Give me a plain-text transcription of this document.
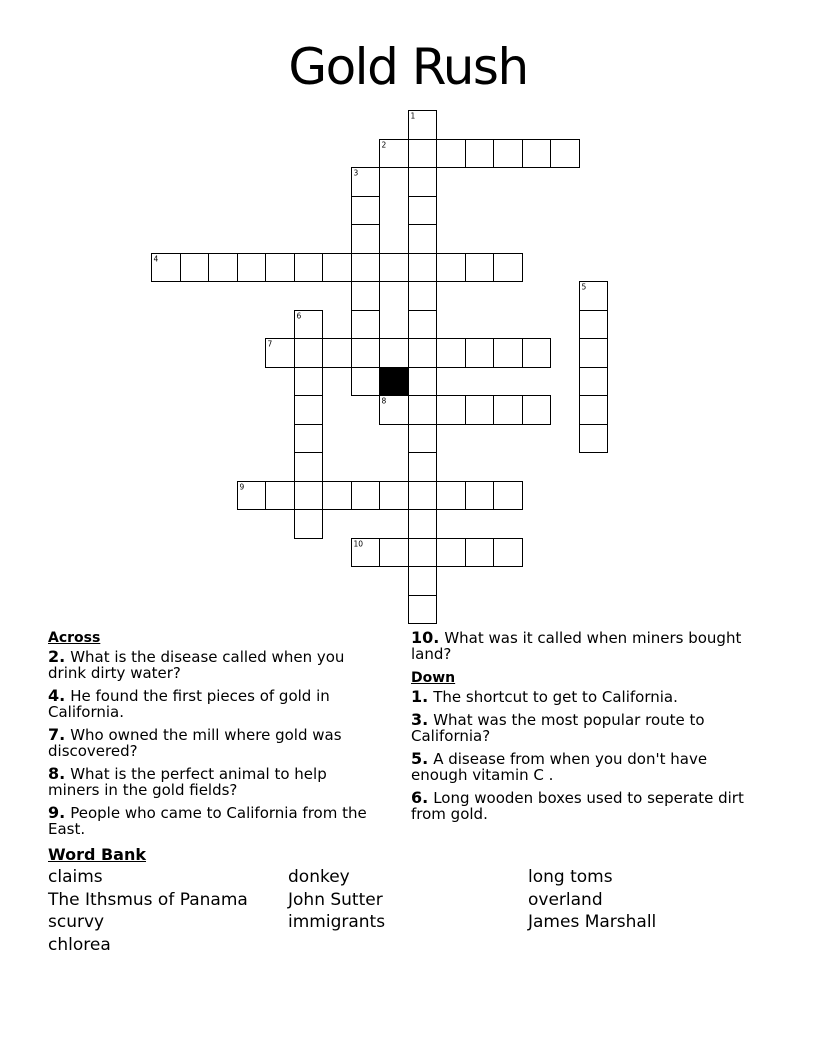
Gold Rush
1
2
3
4
5
6
7
8
9
10
Across
2. What is the disease called when you drink dirty water?
4. He found the first pieces of gold in California.
7. Who owned the mill where gold was discovered?
8. What is the perfect animal to help miners in the gold fields?
9. People who came to California from the East.
10. What was it called when miners bought land?
Down
1. The shortcut to get to California.
3. What was the most popular route to California?
5. A disease from when you don't have enough vitamin C .
6. Long wooden boxes used to seperate dirt from gold.
Word Bank
claims	donkey	long toms
The Ithsmus of Panama	John Sutter	overland
scurvy	immigrants	James Marshall
chlorea
